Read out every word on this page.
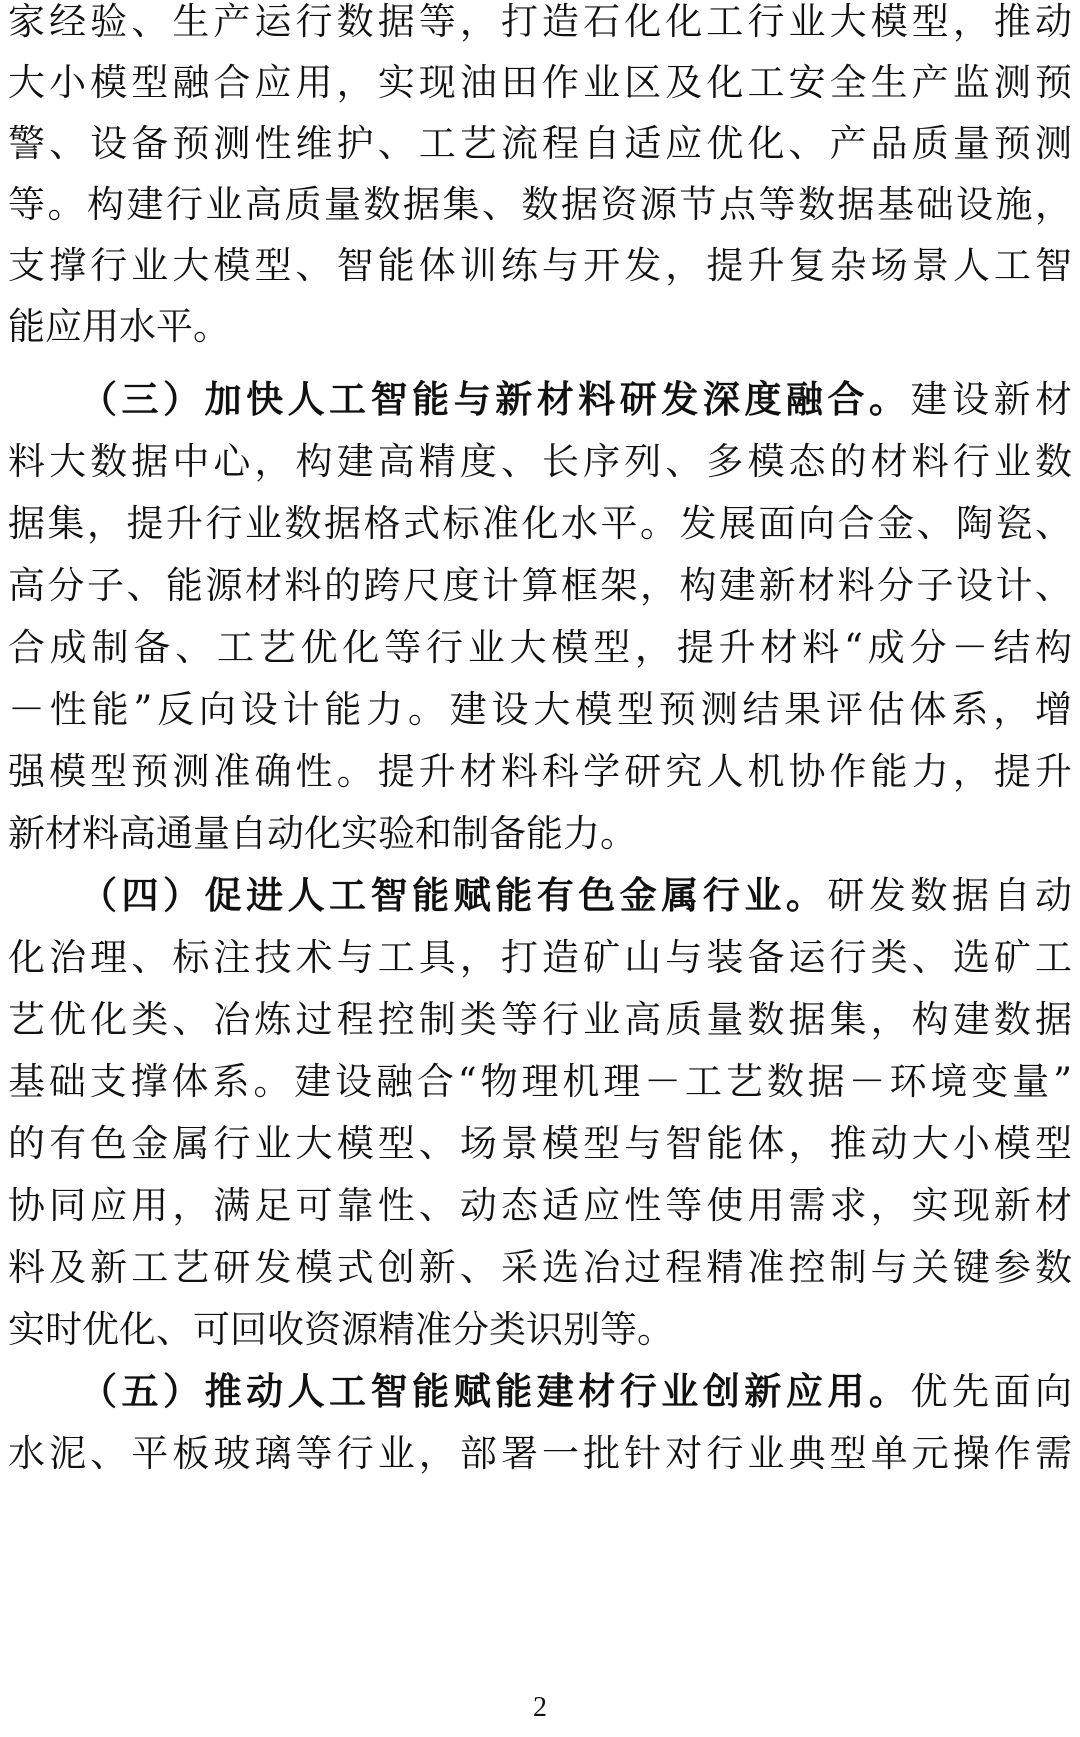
家经验、生产运行数据等，打造石化化工行业大模型，推动
大小模型融合应用，实现油田作业区及化工安全生产监测预
警、设备预测性维护、工艺流程自适应优化、产品质量预测
等。构建行业高质量数据集、数据资源节点等数据基础设施，
支撑行业大模型、智能体训练与开发，提升复杂场景人工智
能应用水平。
（三）加快人工智能与新材料研发深度融合。建设新材
料大数据中心，构建高精度、长序列、多模态的材料行业数
据集，提升行业数据格式标准化水平。发展面向合金、陶瓷、
高分子、能源材料的跨尺度计算框架，构建新材料分子设计、
合成制备、工艺优化等行业大模型，提升材料“成分－结构
－性能”反向设计能力。建设大模型预测结果评估体系，增
强模型预测准确性。提升材料科学研究人机协作能力，提升
新材料高通量自动化实验和制备能力。
（四）促进人工智能赋能有色金属行业。研发数据自动
化治理、标注技术与工具，打造矿山与装备运行类、选矿工
艺优化类、冶炼过程控制类等行业高质量数据集，构建数据
基础支撑体系。建设融合“物理机理－工艺数据－环境变量”
的有色金属行业大模型、场景模型与智能体，推动大小模型
协同应用，满足可靠性、动态适应性等使用需求，实现新材
料及新工艺研发模式创新、采选冶过程精准控制与关键参数
实时优化、可回收资源精准分类识别等。
（五）推动人工智能赋能建材行业创新应用。优先面向
水泥、平板玻璃等行业，部署一批针对行业典型单元操作需
2
